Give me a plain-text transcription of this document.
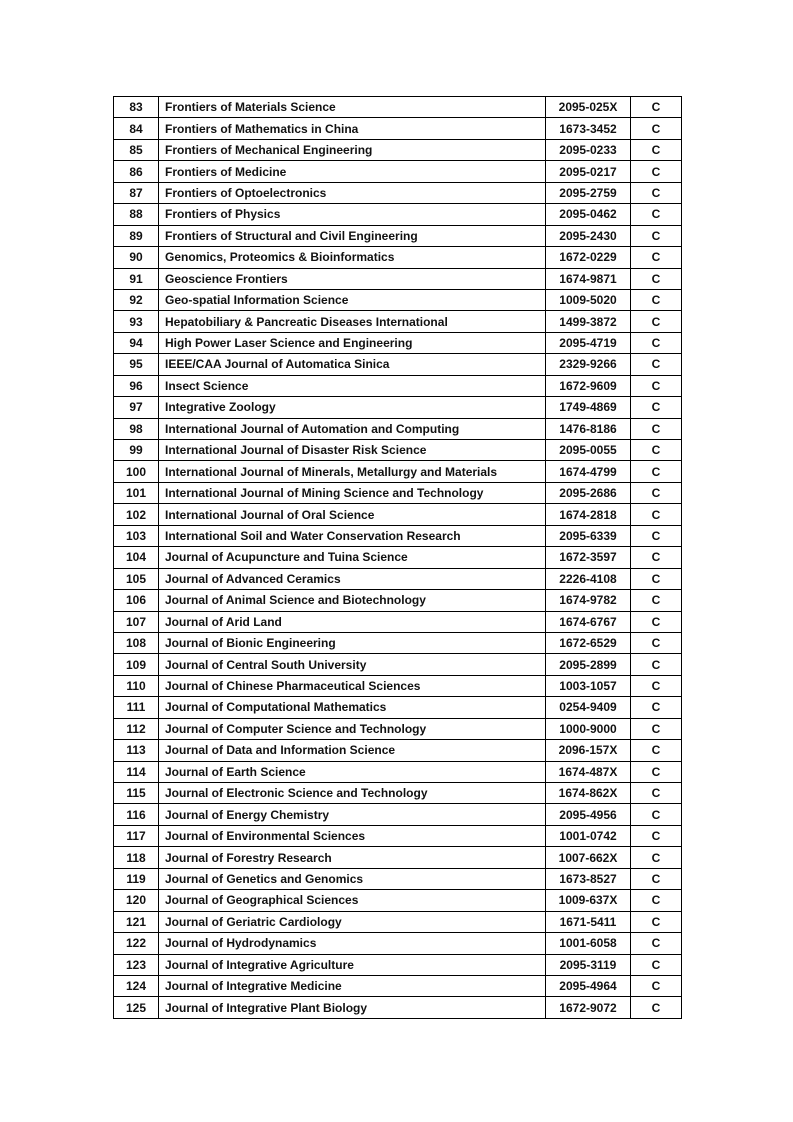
83	Frontiers of Materials Science	2095-025X	C
84	Frontiers of Mathematics in China	1673-3452	C
85	Frontiers of Mechanical Engineering	2095-0233	C
86	Frontiers of Medicine	2095-0217	C
87	Frontiers of Optoelectronics	2095-2759	C
88	Frontiers of Physics	2095-0462	C
89	Frontiers of Structural and Civil Engineering	2095-2430	C
90	Genomics, Proteomics & Bioinformatics	1672-0229	C
91	Geoscience Frontiers	1674-9871	C
92	Geo-spatial Information Science	1009-5020	C
93	Hepatobiliary & Pancreatic Diseases International	1499-3872	C
94	High Power Laser Science and Engineering	2095-4719	C
95	IEEE/CAA Journal of Automatica Sinica	2329-9266	C
96	Insect Science	1672-9609	C
97	Integrative Zoology	1749-4869	C
98	International Journal of Automation and Computing	1476-8186	C
99	International Journal of Disaster Risk Science	2095-0055	C
100	International Journal of Minerals, Metallurgy and Materials	1674-4799	C
101	International Journal of Mining Science and Technology	2095-2686	C
102	International Journal of Oral Science	1674-2818	C
103	International Soil and Water Conservation Research	2095-6339	C
104	Journal of Acupuncture and Tuina Science	1672-3597	C
105	Journal of Advanced Ceramics	2226-4108	C
106	Journal of Animal Science and Biotechnology	1674-9782	C
107	Journal of Arid Land	1674-6767	C
108	Journal of Bionic Engineering	1672-6529	C
109	Journal of Central South University	2095-2899	C
110	Journal of Chinese Pharmaceutical Sciences	1003-1057	C
111	Journal of Computational Mathematics	0254-9409	C
112	Journal of Computer Science and Technology	1000-9000	C
113	Journal of Data and Information Science	2096-157X	C
114	Journal of Earth Science	1674-487X	C
115	Journal of Electronic Science and Technology	1674-862X	C
116	Journal of Energy Chemistry	2095-4956	C
117	Journal of Environmental Sciences	1001-0742	C
118	Journal of Forestry Research	1007-662X	C
119	Journal of Genetics and Genomics	1673-8527	C
120	Journal of Geographical Sciences	1009-637X	C
121	Journal of Geriatric Cardiology	1671-5411	C
122	Journal of Hydrodynamics	1001-6058	C
123	Journal of Integrative Agriculture	2095-3119	C
124	Journal of Integrative Medicine	2095-4964	C
125	Journal of Integrative Plant Biology	1672-9072	C
